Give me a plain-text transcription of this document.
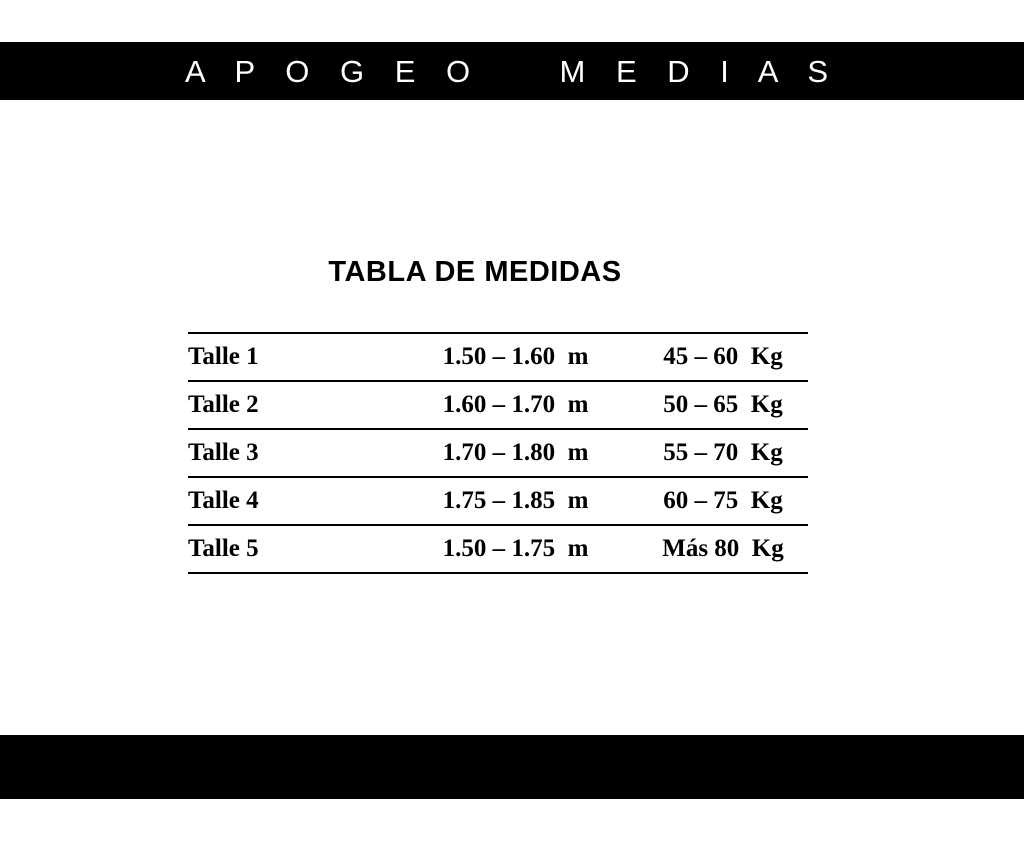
A P O G E O    M E D I A S
TABLA DE MEDIDAS
Talle 1	1.50 – 1.60  m	45 – 60  Kg
Talle 2	1.60 – 1.70  m	50 – 65  Kg
Talle 3	1.70 – 1.80  m	55 – 70  Kg
Talle 4	1.75 – 1.85  m	60 – 75  Kg
Talle 5	1.50 – 1.75  m	Más 80  Kg
